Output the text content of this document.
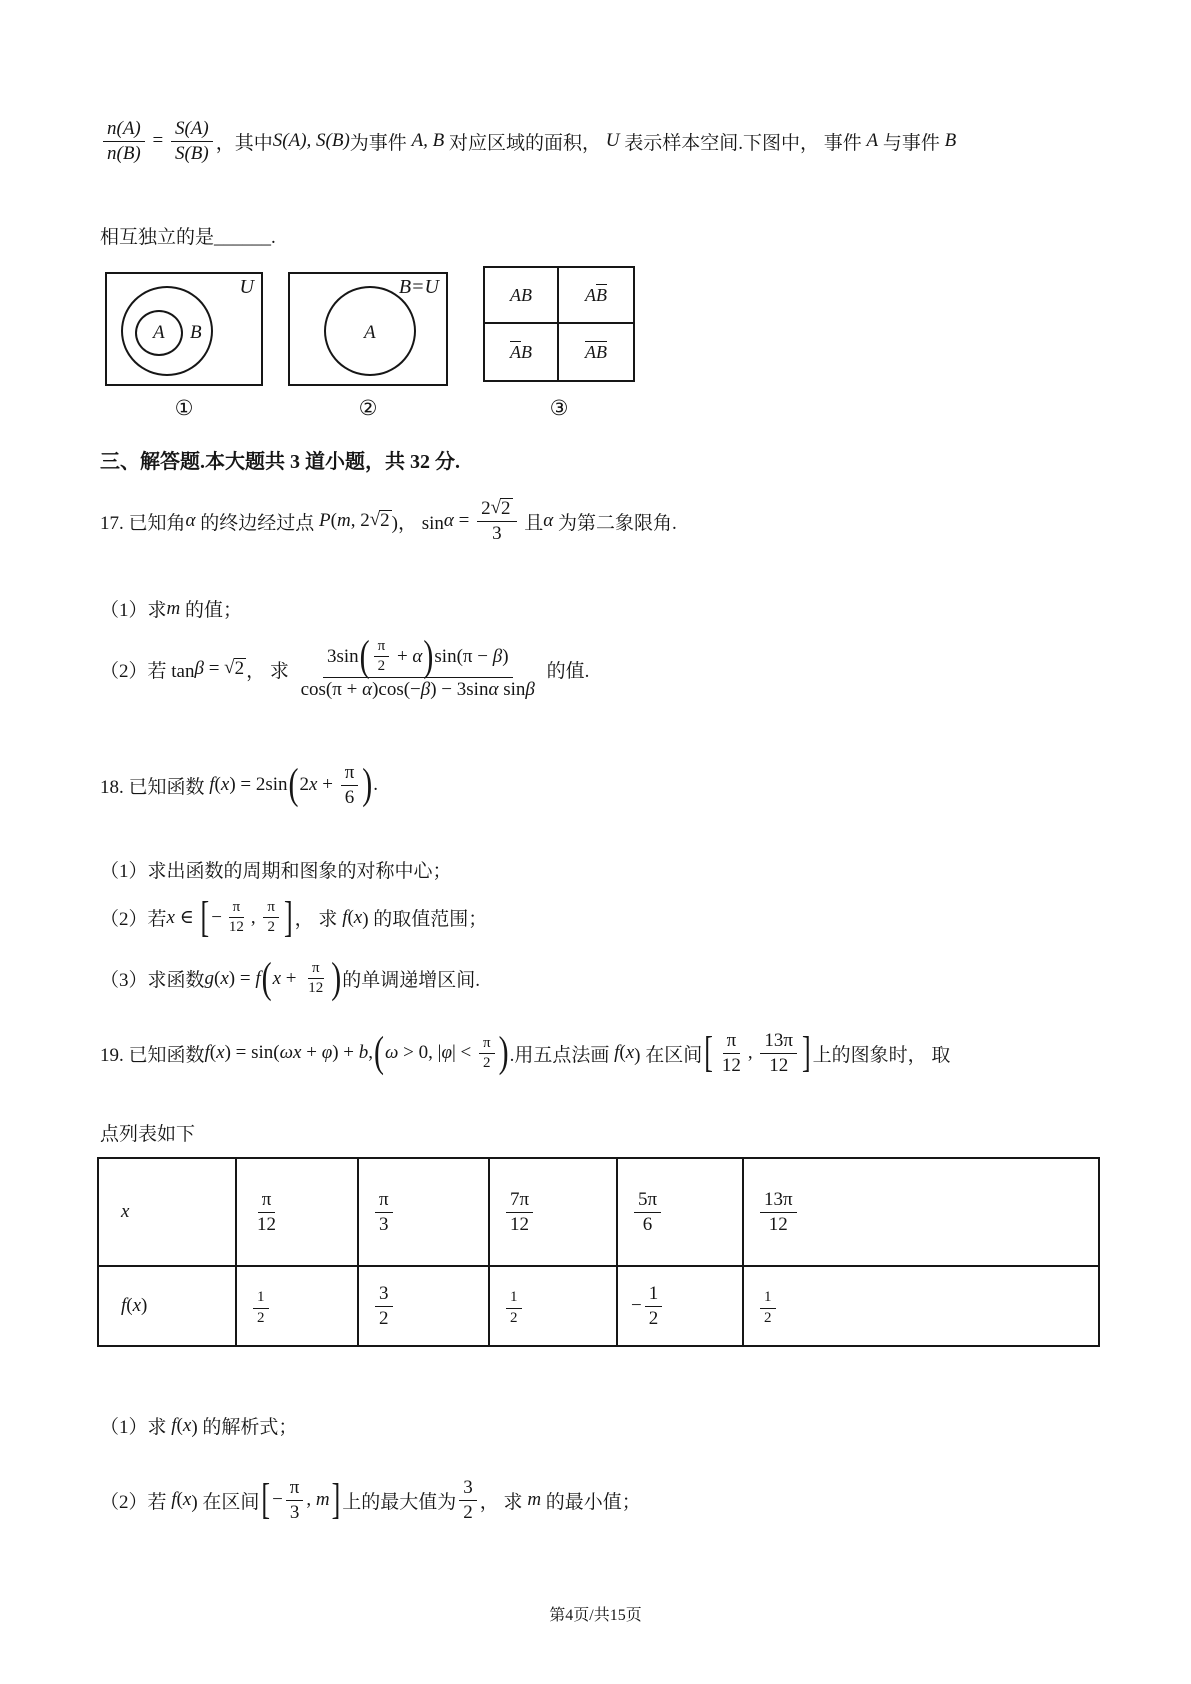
$\frac{n(A)}{n(B)} = \frac{S(A)}{S(B)}$ ，其中 S(A), S(B) 为事件 A, B 对应区域的面积， U 表示样本空间.下图中， 事件 A 与事件 B
相互独立的是______.
U
A B
B=U
A
AB	A B
A B	A B
①	②	③
三、解答题.本大题共 3 道小题，共 32 分.
17. 已知角 α 的终边经过点 P ( m , 2 √ 2 )， $\sin \alpha = \frac{2 √ 2}{3}$ 且 α 为第二象限角.
（1）求 m 的值；
（2）若 tan β = √ 2 ， 求 $\frac{3\sin ( \frac{\pi}{2} + \alpha ) \sin(\pi - \beta )}{\text{cos(π + α )cos(− β ) − 3sin α sin β}}$ 的值.
18. 已知函数 f ( x ) = 2sin ( 2 $x + \frac{\pi}{6}$ ) .
（1）求出函数的周期和图象的对称中心；
（2）若 x ∈ [ − $\frac{\pi}{12}$ , $\frac{\pi}{2}$ ] ， 求 f ( x ) 的取值范围；
（3）求函数 g ( x ) = f ( $x + \frac{\pi}{12}$ ) 的单调递增区间.
19. 已知函数 f ( x ) = sin( ωx + φ ) + b , ( ω > 0, | φ | < $\frac{\pi}{2}$ ) .用五点法画 f ( x ) 在区间 [ $\frac{\pi}{12}$ , $\frac{13\pi}{12}$ ] 上的图象时， 取
点列表如下
x	$\frac{\pi}{12}$	$\frac{\pi}{3}$	$\frac{7\pi}{12}$	$\frac{5\pi}{6}$	$\frac{13\pi}{12}$

f ( x )	$\frac{1}{2}$	$\frac{3}{2}$	$\frac{1}{2}$	− $\frac{1}{2}$	$\frac{1}{2}$
（1）求 f ( x ) 的解析式；
（2）若 f ( x ) 在区间 [ − $\frac{\pi}{3}$ , m ] 上的最大值为 $\frac{3}{2}$ ， 求 m 的最小值；
第4页/共15页
